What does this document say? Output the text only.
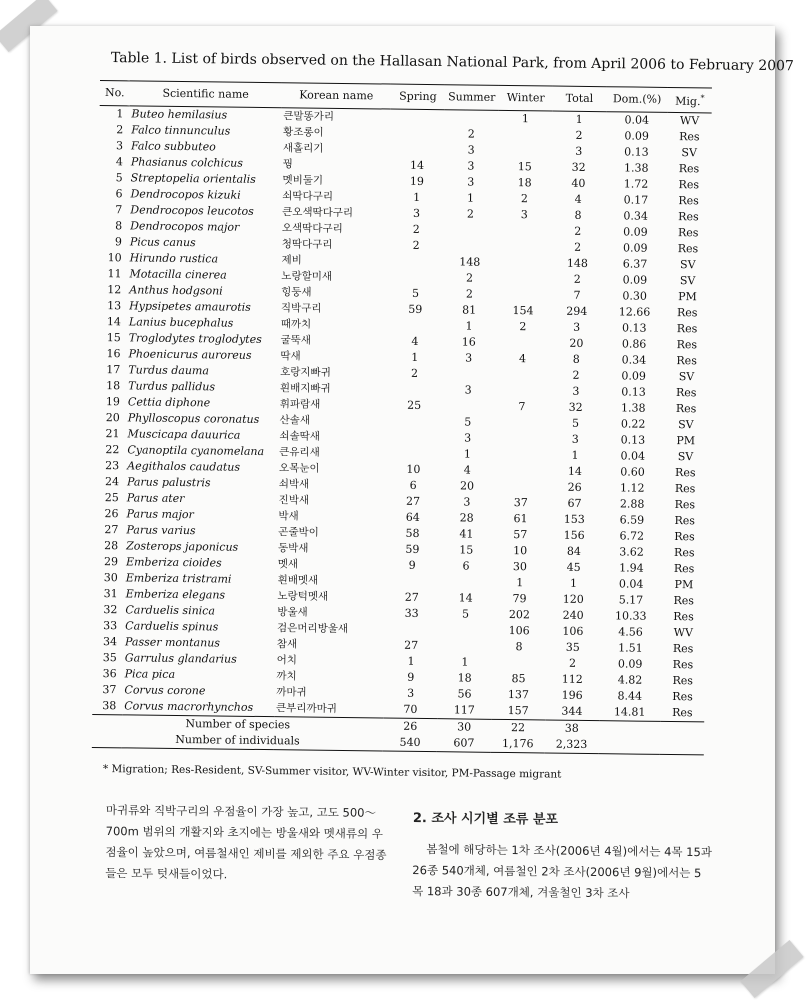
Table 1. List of birds observed on the Hallasan National Park, from April 2006 to February 2007
No.	Scientific name	Korean name	Spring	Summer	Winter	Total	Dom.(%)	Mig.*
1	Buteo hemilasius	큰말똥가리			1	1	0.04	WV
2	Falco tinnunculus	황조롱이		2		2	0.09	Res
3	Falco subbuteo	새홀리기		3		3	0.13	SV
4	Phasianus colchicus	꿩	14	3	15	32	1.38	Res
5	Streptopelia orientalis	멧비둘기	19	3	18	40	1.72	Res
6	Dendrocopos kizuki	쇠딱다구리	1	1	2	4	0.17	Res
7	Dendrocopos leucotos	큰오색딱다구리	3	2	3	8	0.34	Res
8	Dendrocopos major	오색딱다구리	2			2	0.09	Res
9	Picus canus	청딱다구리	2			2	0.09	Res
10	Hirundo rustica	제비		148		148	6.37	SV
11	Motacilla cinerea	노랑할미새		2		2	0.09	SV
12	Anthus hodgsoni	힝둥새	5	2		7	0.30	PM
13	Hypsipetes amaurotis	직박구리	59	81	154	294	12.66	Res
14	Lanius bucephalus	때까치		1	2	3	0.13	Res
15	Troglodytes troglodytes	굴뚝새	4	16		20	0.86	Res
16	Phoenicurus auroreus	딱새	1	3	4	8	0.34	Res
17	Turdus dauma	호랑지빠귀	2			2	0.09	SV
18	Turdus pallidus	흰배지빠귀		3		3	0.13	Res
19	Cettia diphone	휘파람새	25		7	32	1.38	Res
20	Phylloscopus coronatus	산솔새		5		5	0.22	SV
21	Muscicapa dauurica	쇠솔딱새		3		3	0.13	PM
22	Cyanoptila cyanomelana	큰유리새		1		1	0.04	SV
23	Aegithalos caudatus	오목눈이	10	4		14	0.60	Res
24	Parus palustris	쇠박새	6	20		26	1.12	Res
25	Parus ater	진박새	27	3	37	67	2.88	Res
26	Parus major	박새	64	28	61	153	6.59	Res
27	Parus varius	곤줄박이	58	41	57	156	6.72	Res
28	Zosterops japonicus	동박새	59	15	10	84	3.62	Res
29	Emberiza cioides	멧새	9	6	30	45	1.94	Res
30	Emberiza tristrami	흰배멧새			1	1	0.04	PM
31	Emberiza elegans	노랑턱멧새	27	14	79	120	5.17	Res
32	Carduelis sinica	방울새	33	5	202	240	10.33	Res
33	Carduelis spinus	검은머리방울새			106	106	4.56	WV
34	Passer montanus	참새	27		8	35	1.51	Res
35	Garrulus glandarius	어치	1	1		2	0.09	Res
36	Pica pica	까치	9	18	85	112	4.82	Res
37	Corvus corone	까마귀	3	56	137	196	8.44	Res
38	Corvus macrorhynchos	큰부리까마귀	70	117	157	344	14.81	Res
Number of species			26	30	22	38		
Number of individuals			540	607	1,176	2,323		
* Migration; Res-Resident, SV-Summer visitor, WV-Winter visitor, PM-Passage migrant
마귀류와 직박구리의 우점율이 가장 높고, 고도 500～700m 범위의 개활지와 초지에는 방울새와 멧새류의 우점율이 높았으며, 여름철새인 제비를 제외한 주요 우점종들은 모두 텃새들이었다.
2. 조사 시기별 조류 분포
봄철에 해당하는 1차 조사(2006년 4월)에서는 4목 15과 26종 540개체, 여름철인 2차 조사(2006년 9월)에서는 5목 18과 30종 607개체, 겨울철인 3차 조사
